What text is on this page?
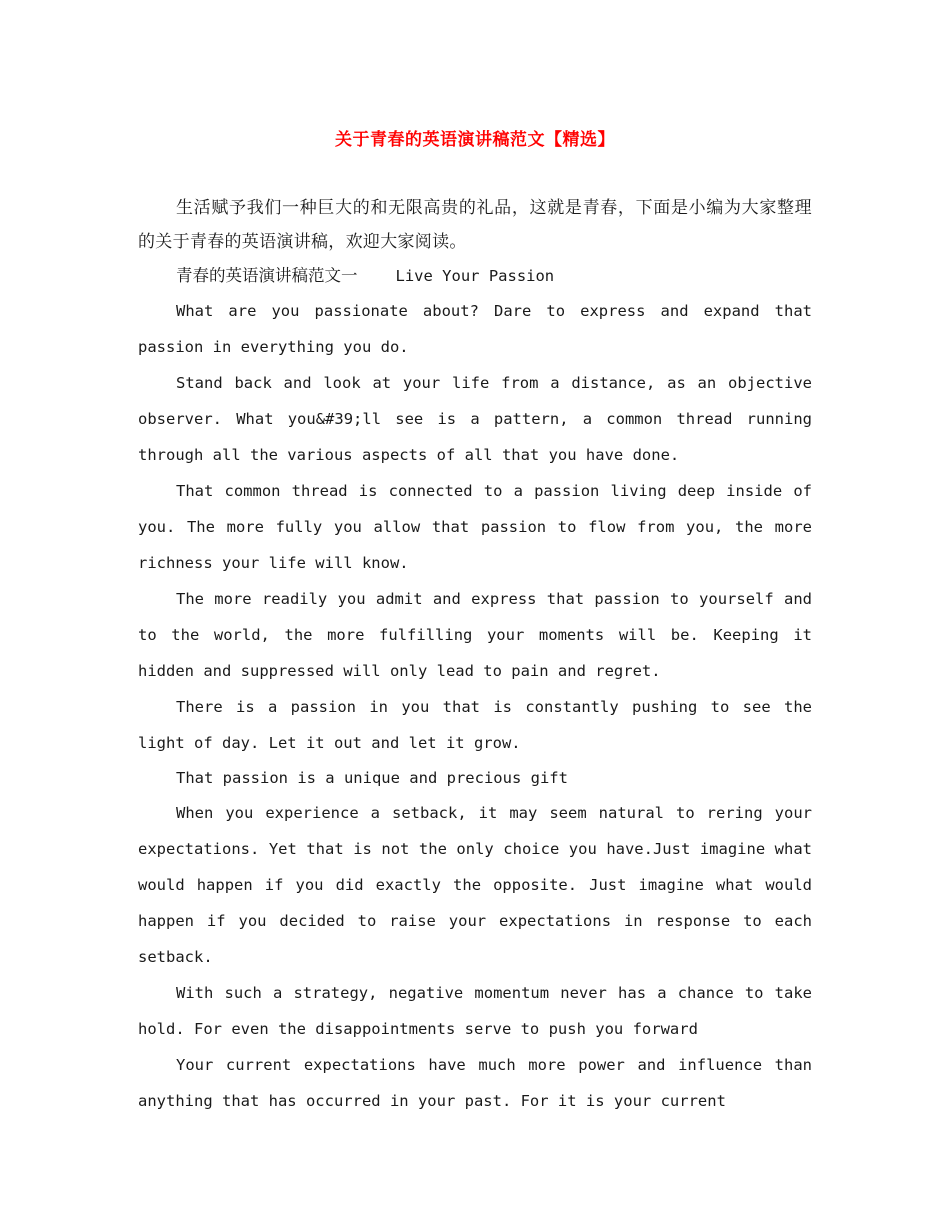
关于青春的英语演讲稿范文【精选】

生活赋予我们一种巨大的和无限高贵的礼品，这就是青春，下面是小编为大家整理的关于青春的英语演讲稿，欢迎大家阅读。

青春的英语演讲稿范文一 Live Your Passion

What are you passionate about? Dare to express and expand that passion in everything you do.

Stand back and look at your life from a distance, as an objective observer. What you&#39;ll see is a pattern, a common thread running through all the various aspects of all that you have done.

That common thread is connected to a passion living deep inside of you. The more fully you allow that passion to flow from you, the more richness your life will know.

The more readily you admit and express that passion to yourself and to the world, the more fulfilling your moments will be. Keeping it hidden and suppressed will only lead to pain and regret.

There is a passion in you that is constantly pushing to see the light of day. Let it out and let it grow.

That passion is a unique and precious gift

When you experience a setback, it may seem natural to rering your expectations. Yet that is not the only choice you have.Just imagine what would happen if you did exactly the opposite. Just imagine what would happen if you decided to raise your expectations in response to each setback.

With such a strategy, negative momentum never has a chance to take hold. For even the disappointments serve to push you forward

Your current expectations have much more power and influence than anything that has occurred in your past. For it is your current
